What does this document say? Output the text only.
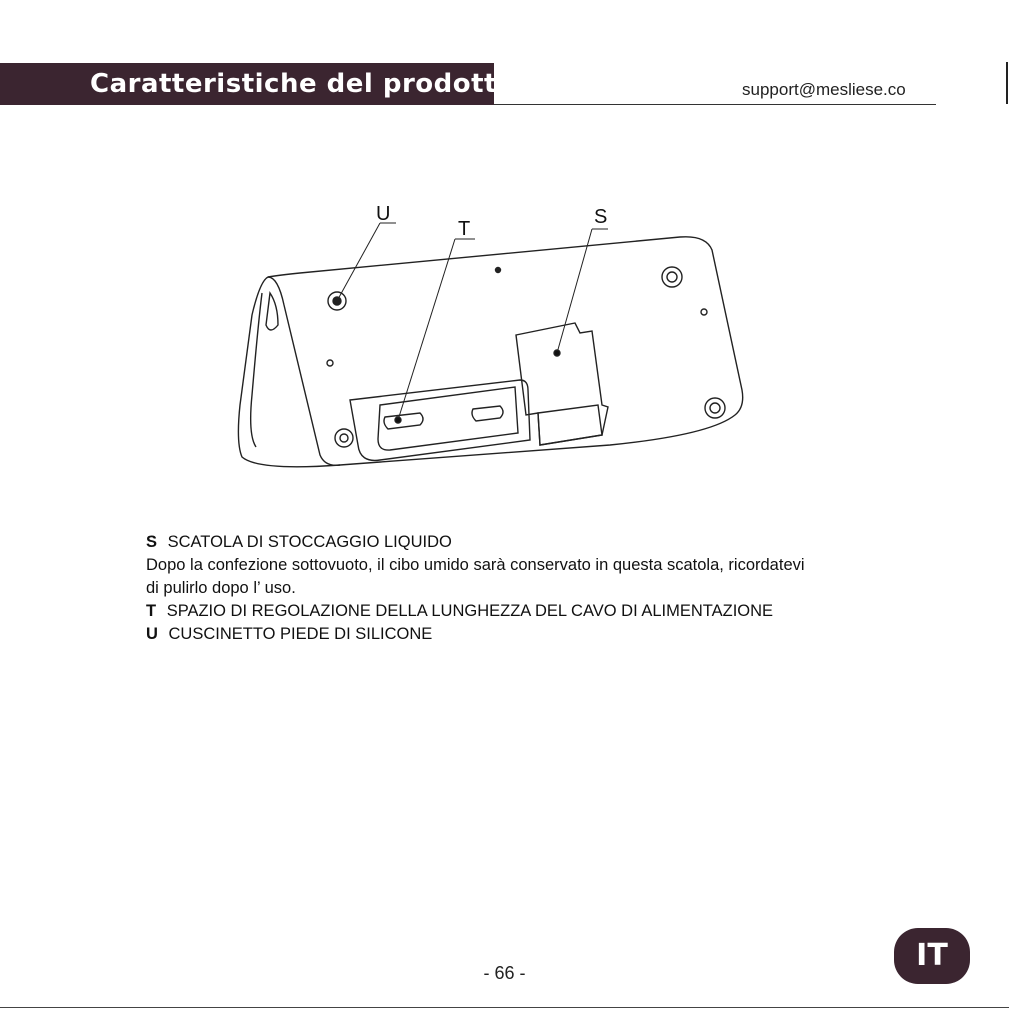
Caratteristiche del prodotto	support@mesliese.co
U
T
S

S SCATOLA DI STOCCAGGIO LIQUIDO

Dopo la confezione sottovuoto, il cibo umido sarà conservato in questa scatola, ricordatevi

di pulirlo dopo l’ uso.

T SPAZIO DI REGOLAZIONE DELLA LUNGHEZZA DEL CAVO DI ALIMENTAZIONE

U CUSCINETTO PIEDE DI SILICONE

- 66 -	IT
